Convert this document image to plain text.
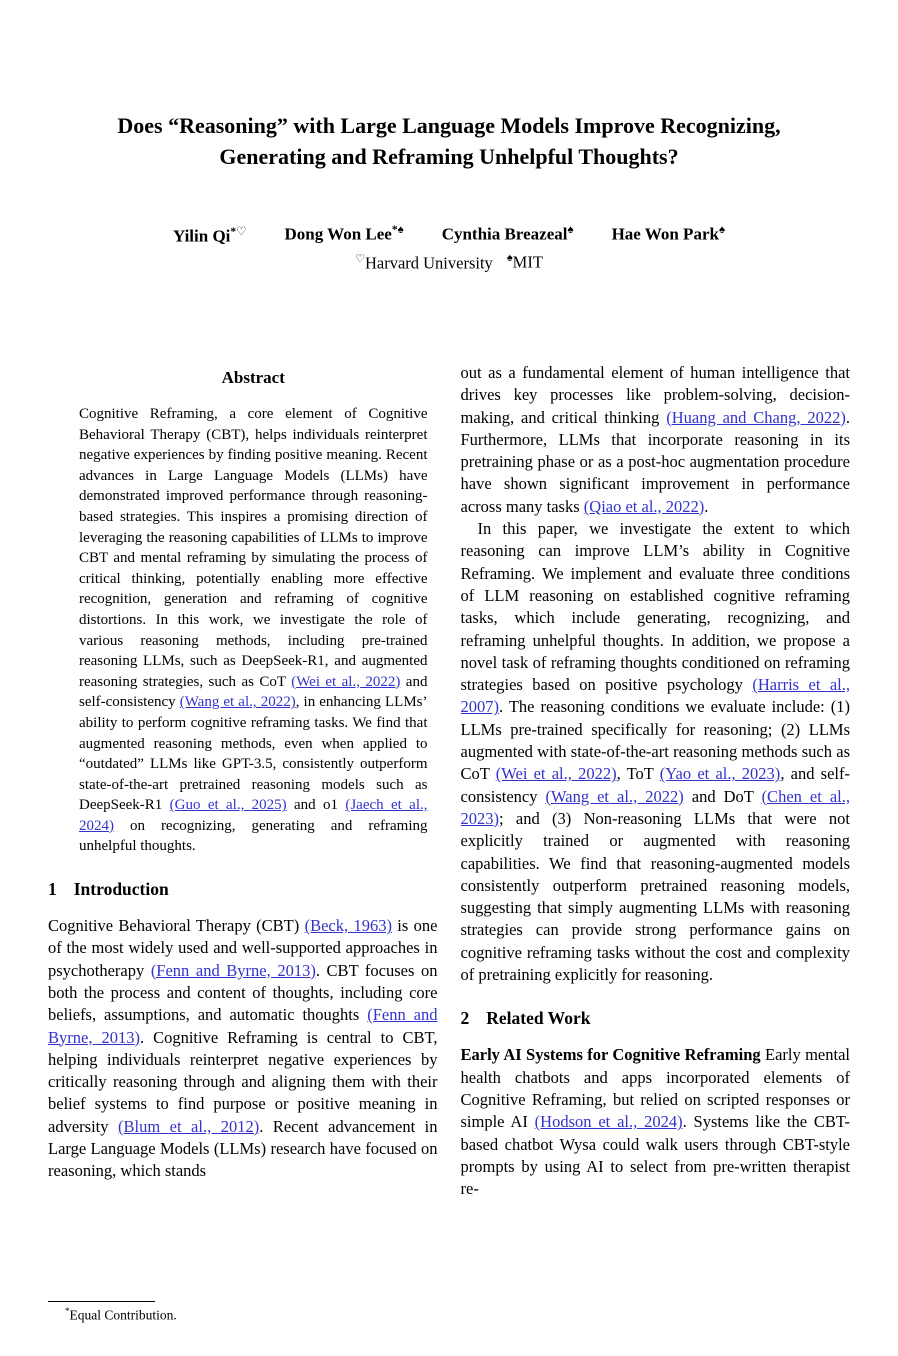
Does “Reasoning” with Large Language Models Improve Recognizing,
Generating and Reframing Unhelpful Thoughts?
Yilin Qi*♡ Dong Won Lee*♠ Cynthia Breazeal♠ Hae Won Park♠
♡Harvard University ♠MIT
Abstract

Cognitive Reframing, a core element of Cognitive Behavioral Therapy (CBT), helps individuals reinterpret negative experiences by finding positive meaning. Recent advances in Large Language Models (LLMs) have demonstrated improved performance through reasoning-based strategies. This inspires a promising direction of leveraging the reasoning capabilities of LLMs to improve CBT and mental reframing by simulating the process of critical thinking, potentially enabling more effective recognition, generation and reframing of cognitive distortions. In this work, we investigate the role of various reasoning methods, including pre-trained reasoning LLMs, such as DeepSeek-R1, and augmented reasoning strategies, such as CoT (Wei et al., 2022) and self-consistency (Wang et al., 2022), in enhancing LLMs’ ability to perform cognitive reframing tasks. We find that augmented reasoning methods, even when applied to “outdated” LLMs like GPT-3.5, consistently outperform state-of-the-art pretrained reasoning models such as DeepSeek-R1 (Guo et al., 2025) and o1 (Jaech et al., 2024) on recognizing, generating and reframing unhelpful thoughts.

1 Introduction

Cognitive Behavioral Therapy (CBT) (Beck, 1963) is one of the most widely used and well-supported approaches in psychotherapy (Fenn and Byrne, 2013). CBT focuses on both the process and content of thoughts, including core beliefs, assumptions, and automatic thoughts (Fenn and Byrne, 2013). Cognitive Reframing is central to CBT, helping individuals reinterpret negative experiences by critically reasoning through and aligning them with their belief systems to find purpose or positive meaning in adversity (Blum et al., 2012). Recent advancement in Large Language Models (LLMs) research have focused on reasoning, which stands

out as a fundamental element of human intelligence that drives key processes like problem-solving, decision-making, and critical thinking (Huang and Chang, 2022). Furthermore, LLMs that incorporate reasoning in its pretraining phase or as a post-hoc augmentation procedure have shown significant improvement in performance across many tasks (Qiao et al., 2022).

In this paper, we investigate the extent to which reasoning can improve LLM’s ability in Cognitive Reframing. We implement and evaluate three conditions of LLM reasoning on established cognitive reframing tasks, which include generating, recognizing, and reframing unhelpful thoughts. In addition, we propose a novel task of reframing thoughts conditioned on reframing strategies based on positive psychology (Harris et al., 2007). The reasoning conditions we evaluate include: (1) LLMs pre-trained specifically for reasoning; (2) LLMs augmented with state-of-the-art reasoning methods such as CoT (Wei et al., 2022), ToT (Yao et al., 2023), and self-consistency (Wang et al., 2022) and DoT (Chen et al., 2023); and (3) Non-reasoning LLMs that were not explicitly trained or augmented with reasoning capabilities. We find that reasoning-augmented models consistently outperform pretrained reasoning models, suggesting that simply augmenting LLMs with reasoning strategies can provide strong performance gains on cognitive reframing tasks without the cost and complexity of pretraining explicitly for reasoning.

2 Related Work

Early AI Systems for Cognitive Reframing Early mental health chatbots and apps incorporated elements of Cognitive Reframing, but relied on scripted responses or simple AI (Hodson et al., 2024). Systems like the CBT-based chatbot Wysa could walk users through CBT-style prompts by using AI to select from pre-written therapist re-

*Equal Contribution.
